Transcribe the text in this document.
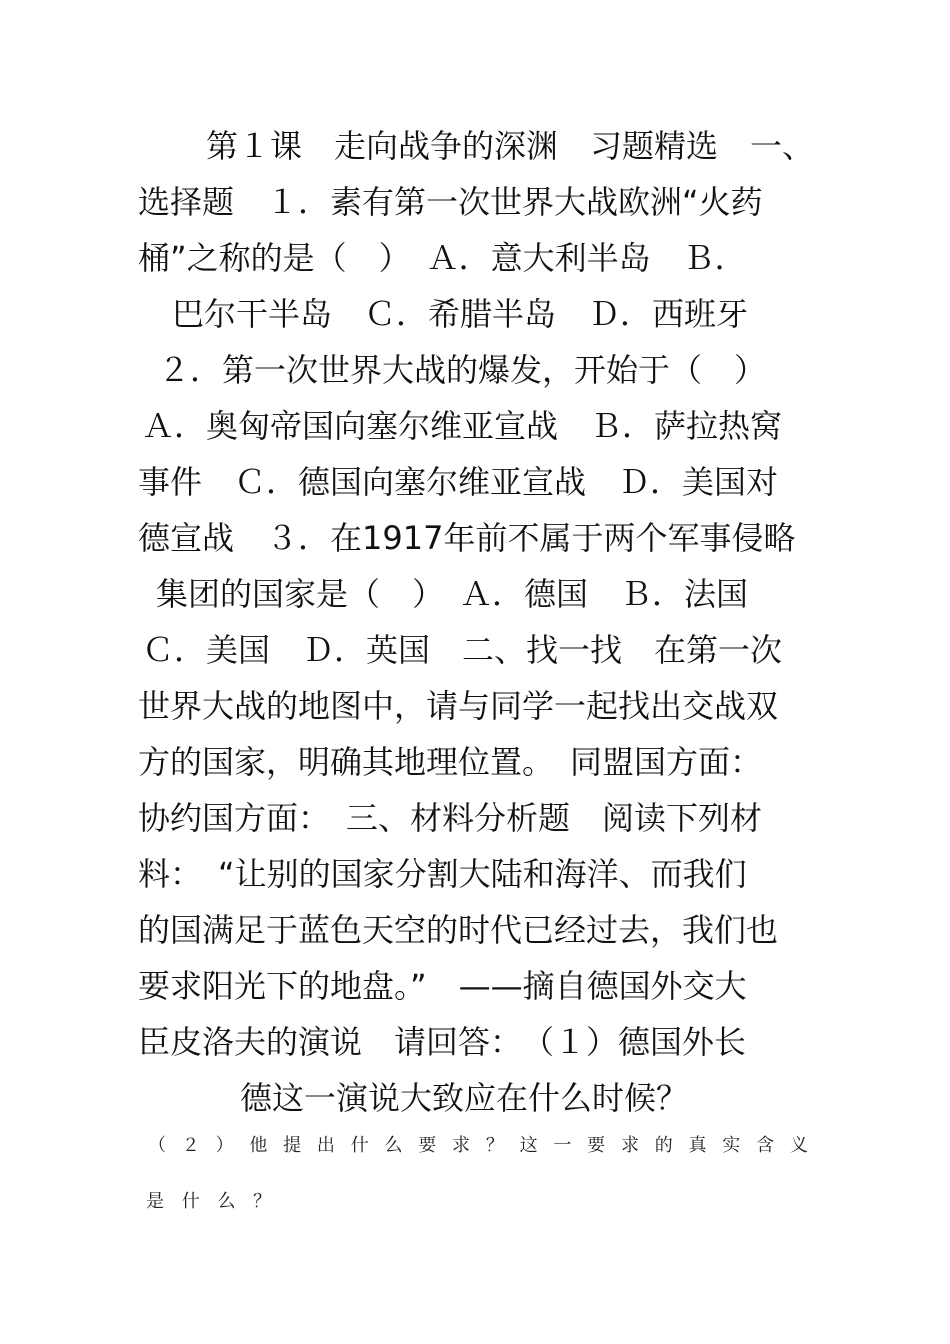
第１课　走向战争的深渊　习题精选　一、
选择题　１．素有第一次世界大战欧洲“火药
桶”之称的是（　）　Ａ．意大利半岛　Ｂ．
巴尔干半岛　Ｃ．希腊半岛　Ｄ．西班牙
２．第一次世界大战的爆发，开始于（　）
Ａ．奥匈帝国向塞尔维亚宣战　Ｂ．萨拉热窝
事件　Ｃ．德国向塞尔维亚宣战　Ｄ．美国对
德宣战　３．在1917年前不属于两个军事侵略
集团的国家是（　）　Ａ．德国　Ｂ．法国
Ｃ．美国　Ｄ．英国　二、找一找　在第一次
世界大战的地图中，请与同学一起找出交战双
方的国家，明确其地理位置。　同盟国方面：
协约国方面：　三、材料分析题　阅读下列材
料：　“让别的国家分割大陆和海洋、而我们
的国满足于蓝色天空的时代已经过去，我们也
要求阳光下的地盘。”　——摘自德国外交大
臣皮洛夫的演说　请回答：　（１）德国外长
德这一演说大致应在什么时候？
（ ２ ） 他 提 出 什 么 要 求 ？ 这 一 要 求 的 真 实 含 义
是 什 么 ？
